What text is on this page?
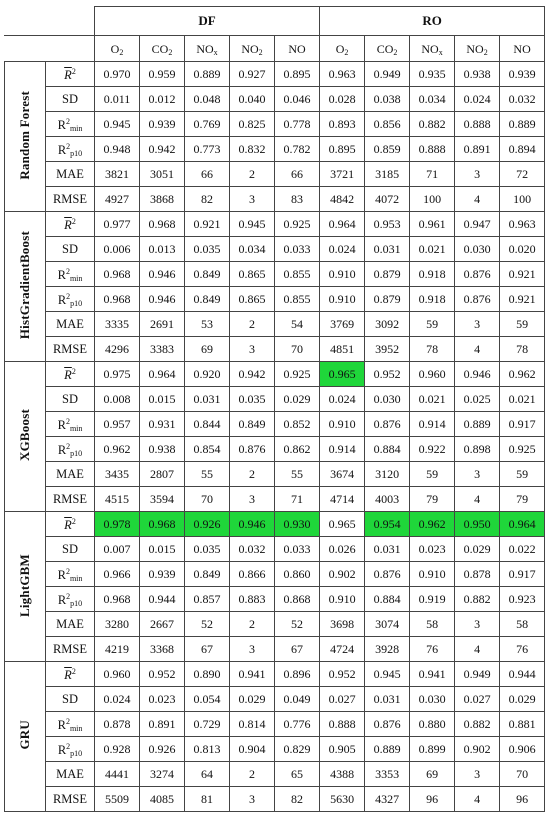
		DF					RO				
		$O_2$	$CO_2$	$NO_x$	$NO_2$	NO	$O_2$	$CO_2$	$NO_x$	$NO_2$	NO
Random Forest	$\overline{R}^2$	0.970	0.959	0.889	0.927	0.895	0.963	0.949	0.935	0.938	0.939
	SD	0.011	0.012	0.048	0.040	0.046	0.028	0.038	0.034	0.024	0.032
	$R^2_{min}$	0.945	0.939	0.769	0.825	0.778	0.893	0.856	0.882	0.888	0.889
	$R^2_{p10}$	0.948	0.942	0.773	0.832	0.782	0.895	0.859	0.888	0.891	0.894
	MAE	3821	3051	66	2	66	3721	3185	71	3	72
	RMSE	4927	3868	82	3	83	4842	4072	100	4	100
HistGradientBoost	$\overline{R}^2$	0.977	0.968	0.921	0.945	0.925	0.964	0.953	0.961	0.947	0.963
	SD	0.006	0.013	0.035	0.034	0.033	0.024	0.031	0.021	0.030	0.020
	$R^2_{min}$	0.968	0.946	0.849	0.865	0.855	0.910	0.879	0.918	0.876	0.921
	$R^2_{p10}$	0.968	0.946	0.849	0.865	0.855	0.910	0.879	0.918	0.876	0.921
	MAE	3335	2691	53	2	54	3769	3092	59	3	59
	RMSE	4296	3383	69	3	70	4851	3952	78	4	78
XGBoost	$\overline{R}^2$	0.975	0.964	0.920	0.942	0.925	0.965	0.952	0.960	0.946	0.962
	SD	0.008	0.015	0.031	0.035	0.029	0.024	0.030	0.021	0.025	0.021
	$R^2_{min}$	0.957	0.931	0.844	0.849	0.852	0.910	0.876	0.914	0.889	0.917
	$R^2_{p10}$	0.962	0.938	0.854	0.876	0.862	0.914	0.884	0.922	0.898	0.925
	MAE	3435	2807	55	2	55	3674	3120	59	3	59
	RMSE	4515	3594	70	3	71	4714	4003	79	4	79
LightGBM	$\overline{R}^2$	0.978	0.968	0.926	0.946	0.930	0.965	0.954	0.962	0.950	0.964
	SD	0.007	0.015	0.035	0.032	0.033	0.026	0.031	0.023	0.029	0.022
	$R^2_{min}$	0.966	0.939	0.849	0.866	0.860	0.902	0.876	0.910	0.878	0.917
	$R^2_{p10}$	0.968	0.944	0.857	0.883	0.868	0.910	0.884	0.919	0.882	0.923
	MAE	3280	2667	52	2	52	3698	3074	58	3	58
	RMSE	4219	3368	67	3	67	4724	3928	76	4	76
GRU	$\overline{R}^2$	0.960	0.952	0.890	0.941	0.896	0.952	0.945	0.941	0.949	0.944
	SD	0.024	0.023	0.054	0.029	0.049	0.027	0.031	0.030	0.027	0.029
	$R^2_{min}$	0.878	0.891	0.729	0.814	0.776	0.888	0.876	0.880	0.882	0.881
	$R^2_{p10}$	0.928	0.926	0.813	0.904	0.829	0.905	0.889	0.899	0.902	0.906
	MAE	4441	3274	64	2	65	4388	3353	69	3	70
	RMSE	5509	4085	81	3	82	5630	4327	96	4	96
